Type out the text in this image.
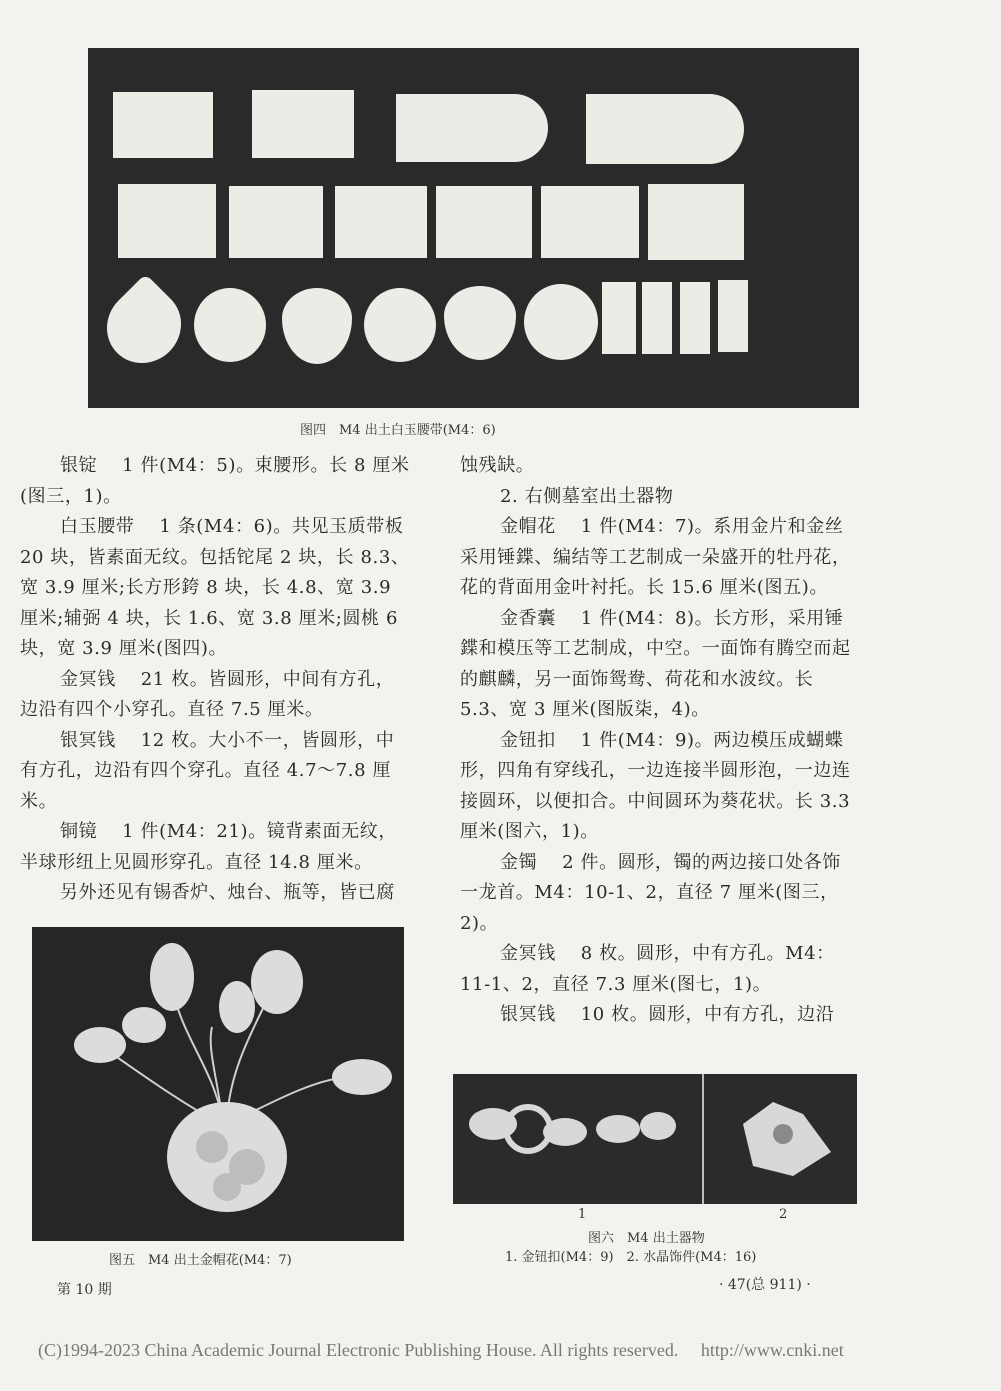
图四　M4 出土白玉腰带(M4：6)

银锭　 1 件(M4：5)。束腰形。长 8 厘米(图三，1)。

白玉腰带　 1 条(M4：6)。共见玉质带板 20 块，皆素面无纹。包括铊尾 2 块，长 8.3、宽 3.9 厘米;长方形銙 8 块，长 4.8、宽 3.9 厘米;辅弼 4 块，长 1.6、宽 3.8 厘米;圆桃 6 块，宽 3.9 厘米(图四)。

金冥钱　 21 枚。皆圆形，中间有方孔，边沿有四个小穿孔。直径 7.5 厘米。

银冥钱　 12 枚。大小不一，皆圆形，中有方孔，边沿有四个穿孔。直径 4.7～7.8 厘米。

铜镜　 1 件(M4：21)。镜背素面无纹，半球形纽上见圆形穿孔。直径 14.8 厘米。

另外还见有锡香炉、烛台、瓶等，皆已腐

蚀残缺。

2. 右侧墓室出土器物

金帽花　 1 件(M4：7)。系用金片和金丝采用锤鍱、编结等工艺制成一朵盛开的牡丹花，花的背面用金叶衬托。长 15.6 厘米(图五)。

金香囊　 1 件(M4：8)。长方形，采用锤鍱和模压等工艺制成，中空。一面饰有腾空而起的麒麟，另一面饰鸳鸯、荷花和水波纹。长 5.3、宽 3 厘米(图版柒，4)。

金钮扣　 1 件(M4：9)。两边模压成蝴蝶形，四角有穿线孔，一边连接半圆形泡，一边连接圆环，以便扣合。中间圆环为葵花状。长 3.3 厘米(图六，1)。

金镯　 2 件。圆形，镯的两边接口处各饰一龙首。M4：10-1、2，直径 7 厘米(图三，2)。

金冥钱　 8 枚。圆形，中有方孔。M4：11-1、2，直径 7.3 厘米(图七，1)。

银冥钱　 10 枚。圆形，中有方孔，边沿

图五　M4 出土金帽花(M4：7)
1	2
图六　M4 出土器物
1. 金钮扣(M4：9)　2. 水晶饰件(M4：16)
第 10 期	· 47(总 911) ·
(C)1994-2023 China Academic Journal Electronic Publishing House. All rights reserved.　 http://www.cnki.net
